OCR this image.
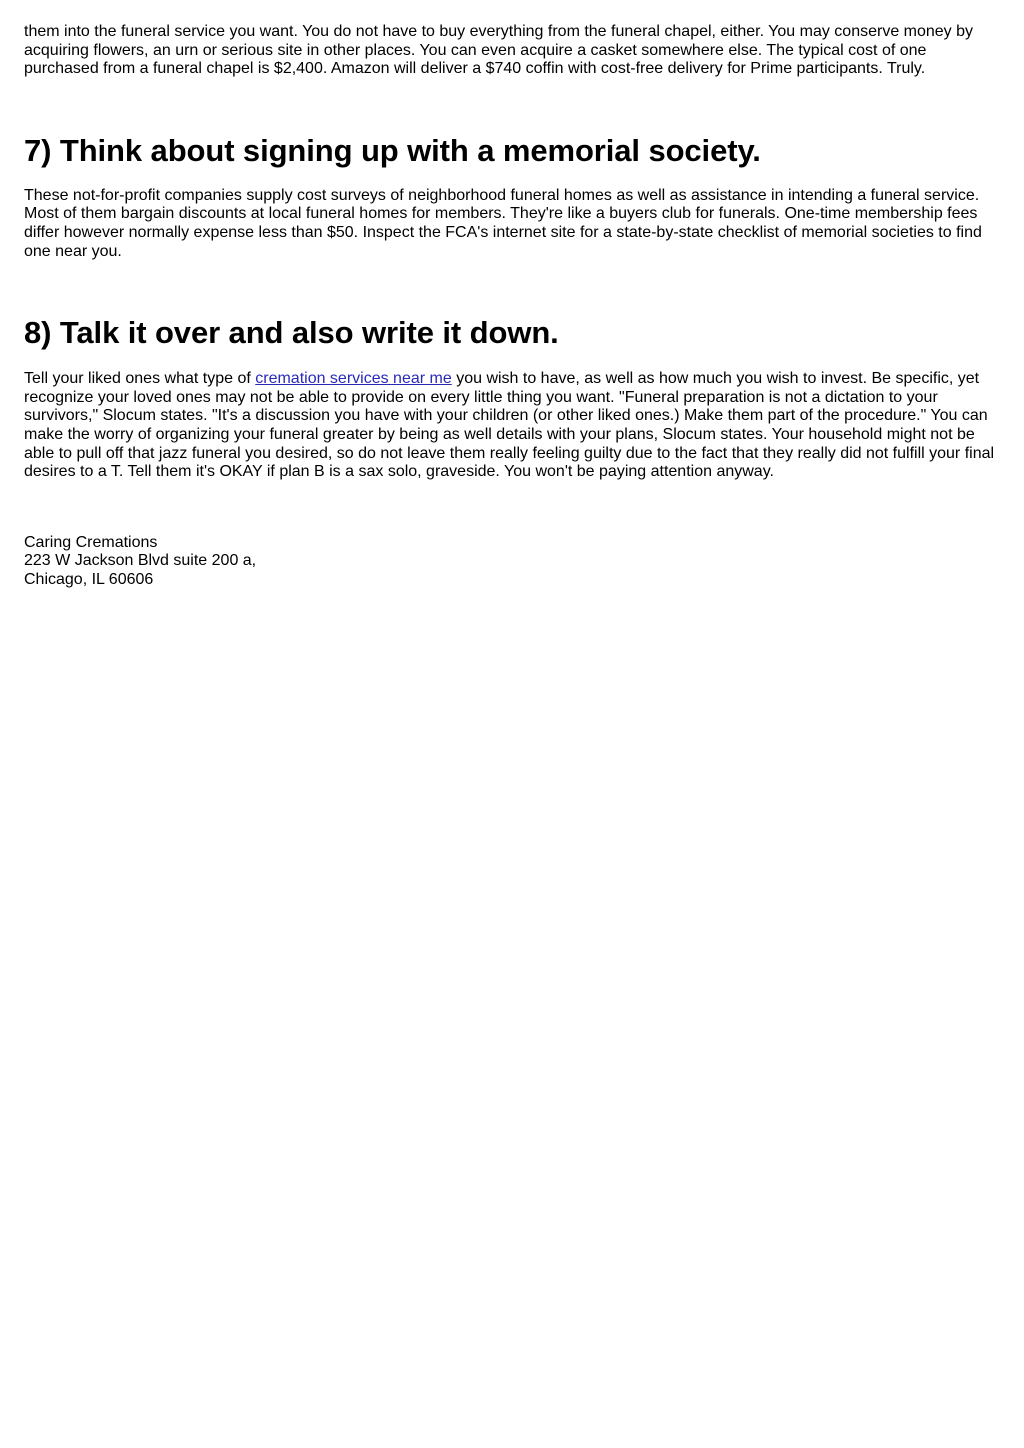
them into the funeral service you want. You do not have to buy everything from the funeral chapel, either. You may conserve money by acquiring flowers, an urn or serious site in other places. You can even acquire a casket somewhere else. The typical cost of one purchased from a funeral chapel is $2,400. Amazon will deliver a $740 coffin with cost-free delivery for Prime participants. Truly.

7) Think about signing up with a memorial society.

These not-for-profit companies supply cost surveys of neighborhood funeral homes as well as assistance in intending a funeral service. Most of them bargain discounts at local funeral homes for members. They're like a buyers club for funerals. One-time membership fees differ however normally expense less than $50. Inspect the FCA's internet site for a state-by-state checklist of memorial societies to find one near you.

8) Talk it over and also write it down.

Tell your liked ones what type of cremation services near me you wish to have, as well as how much you wish to invest. Be specific, yet recognize your loved ones may not be able to provide on every little thing you want. "Funeral preparation is not a dictation to your survivors," Slocum states. "It's a discussion you have with your children (or other liked ones.) Make them part of the procedure." You can make the worry of organizing your funeral greater by being as well details with your plans, Slocum states. Your household might not be able to pull off that jazz funeral you desired, so do not leave them really feeling guilty due to the fact that they really did not fulfill your final desires to a T. Tell them it's OKAY if plan B is a sax solo, graveside. You won't be paying attention anyway.

Caring Cremations
223 W Jackson Blvd suite 200 a,
Chicago, IL 60606
